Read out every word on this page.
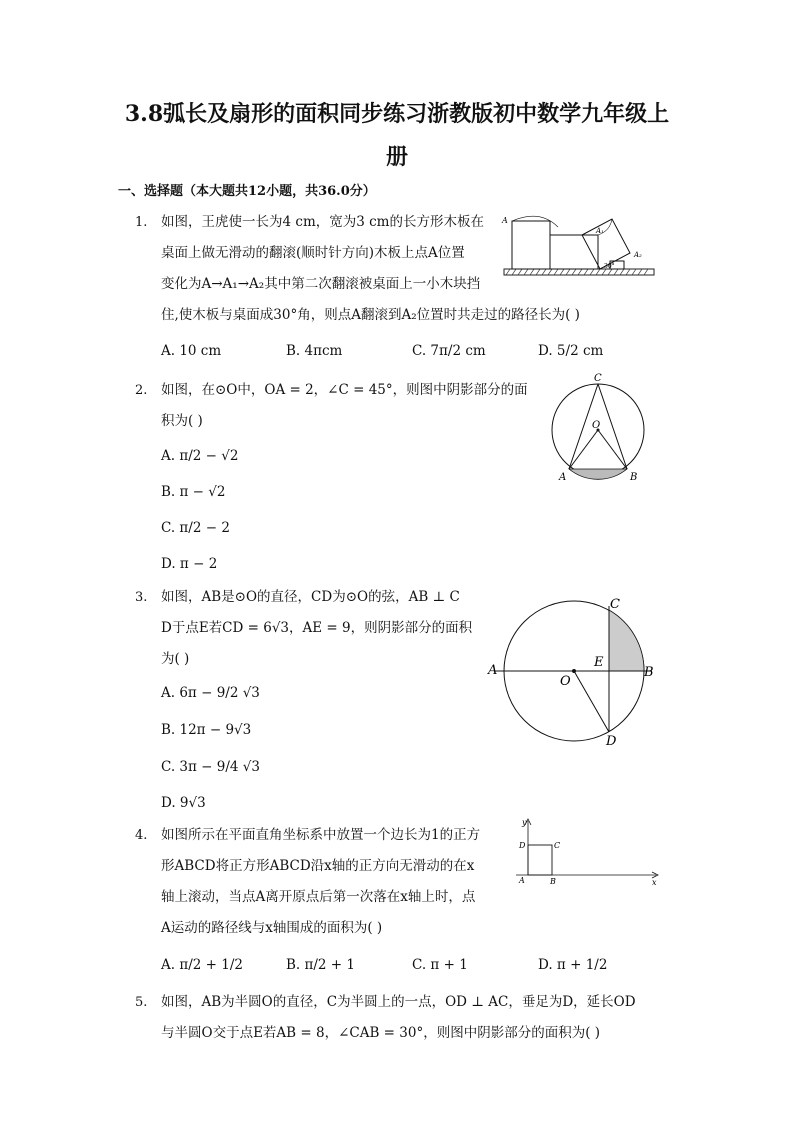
3.8弧长及扇形的面积同步练习浙教版初中数学九年级上
册
一、选择题（本大题共12小题，共36.0分）
1.	如图，王虎使一长为4 cm，宽为3 cm的长方形木板在
桌面上做无滑动的翻滚(顺时针方向)木板上点A位置
变化为A→A₁→A₂其中第二次翻滚被桌面上一小木块挡
住,使木板与桌面成30°角，则点A翻滚到A₂位置时共走过的路径长为( )
A. 10 cm	B. 4πcm	C. 7π/2 cm	D. 5/2 cm
A
A₁
A₂
30°
2.	如图，在⊙O中，OA = 2，∠C = 45°，则图中阴影部分的面
积为( )
A. π/2 − √2
B. π − √2
C. π/2 − 2
D. π − 2
C
O
A	B
3.	如图，AB是⊙O的直径，CD为⊙O的弦，AB ⊥ C
D于点E若CD = 6√3，AE = 9，则阴影部分的面积
为( )
A. 6π − 9/2 √3
B. 12π − 9√3
C. 3π − 9/4 √3
D. 9√3
A	B
C
D
E
O
4.	如图所示在平面直角坐标系中放置一个边长为1的正方
形ABCD将正方形ABCD沿x轴的正方向无滑动的在x
轴上滚动，当点A离开原点后第一次落在x轴上时，点
A运动的路径线与x轴围成的面积为( )
A. π/2 + 1/2	B. π/2 + 1	C. π + 1	D. π + 1/2
y
x
D	C
A	B
5.	如图，AB为半圆O的直径，C为半圆上的一点，OD ⊥ AC，垂足为D，延长OD
与半圆O交于点E若AB = 8，∠CAB = 30°，则图中阴影部分的面积为( )
